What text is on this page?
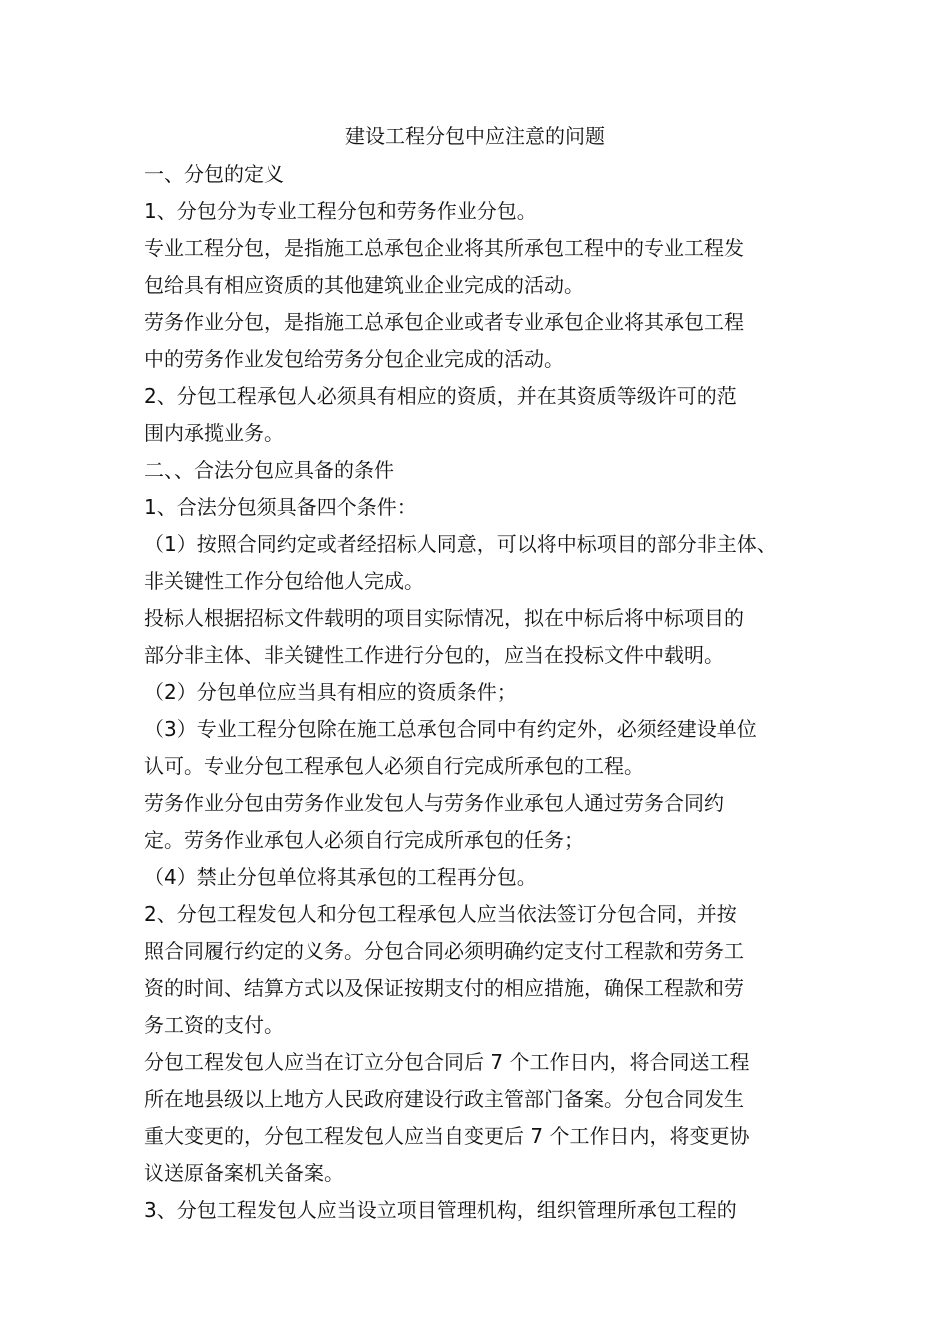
建设工程分包中应注意的问题
一、分包的定义
1、分包分为专业工程分包和劳务作业分包。
专业工程分包，是指施工总承包企业将其所承包工程中的专业工程发
包给具有相应资质的其他建筑业企业完成的活动。
劳务作业分包，是指施工总承包企业或者专业承包企业将其承包工程
中的劳务作业发包给劳务分包企业完成的活动。
2、分包工程承包人必须具有相应的资质，并在其资质等级许可的范
围内承揽业务。
二、、合法分包应具备的条件
1、合法分包须具备四个条件：
（1）按照合同约定或者经招标人同意，可以将中标项目的部分非主体、
非关键性工作分包给他人完成。
投标人根据招标文件载明的项目实际情况，拟在中标后将中标项目的
部分非主体、非关键性工作进行分包的，应当在投标文件中载明。
（2）分包单位应当具有相应的资质条件；
（3）专业工程分包除在施工总承包合同中有约定外，必须经建设单位
认可。专业分包工程承包人必须自行完成所承包的工程。
劳务作业分包由劳务作业发包人与劳务作业承包人通过劳务合同约
定。劳务作业承包人必须自行完成所承包的任务；
（4）禁止分包单位将其承包的工程再分包。
2、分包工程发包人和分包工程承包人应当依法签订分包合同，并按
照合同履行约定的义务。分包合同必须明确约定支付工程款和劳务工
资的时间、结算方式以及保证按期支付的相应措施，确保工程款和劳
务工资的支付。
分包工程发包人应当在订立分包合同后 7 个工作日内，将合同送工程
所在地县级以上地方人民政府建设行政主管部门备案。分包合同发生
重大变更的，分包工程发包人应当自变更后 7 个工作日内，将变更协
议送原备案机关备案。
3、分包工程发包人应当设立项目管理机构，组织管理所承包工程的
